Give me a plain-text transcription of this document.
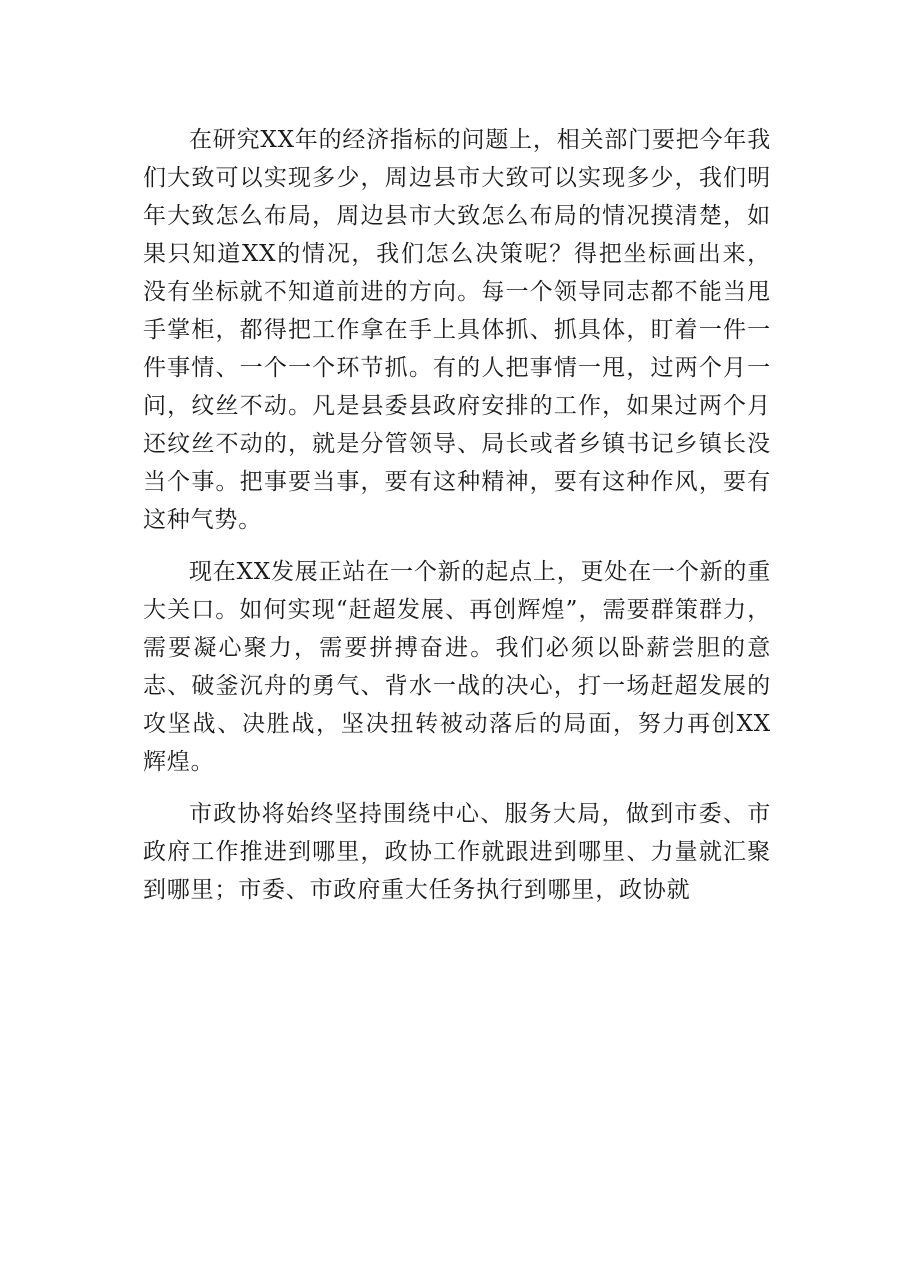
在研究XX年的经济指标的问题上，相关部门要把今年我们大致可以实现多少，周边县市大致可以实现多少，我们明年大致怎么布局，周边县市大致怎么布局的情况摸清楚，如果只知道XX的情况，我们怎么决策呢？得把坐标画出来，没有坐标就不知道前进的方向。每一个领导同志都不能当甩手掌柜，都得把工作拿在手上具体抓、抓具体，盯着一件一件事情、一个一个环节抓。有的人把事情一甩，过两个月一问，纹丝不动。凡是县委县政府安排的工作，如果过两个月还纹丝不动的，就是分管领导、局长或者乡镇书记乡镇长没当个事。把事要当事，要有这种精神，要有这种作风，要有这种气势。

现在XX发展正站在一个新的起点上，更处在一个新的重大关口。如何实现“赶超发展、再创辉煌”，需要群策群力，需要凝心聚力，需要拼搏奋进。我们必须以卧薪尝胆的意志、破釜沉舟的勇气、背水一战的决心，打一场赶超发展的攻坚战、决胜战，坚决扭转被动落后的局面，努力再创XX辉煌。

市政协将始终坚持围绕中心、服务大局，做到市委、市政府工作推进到哪里，政协工作就跟进到哪里、力量就汇聚到哪里；市委、市政府重大任务执行到哪里，政协就
